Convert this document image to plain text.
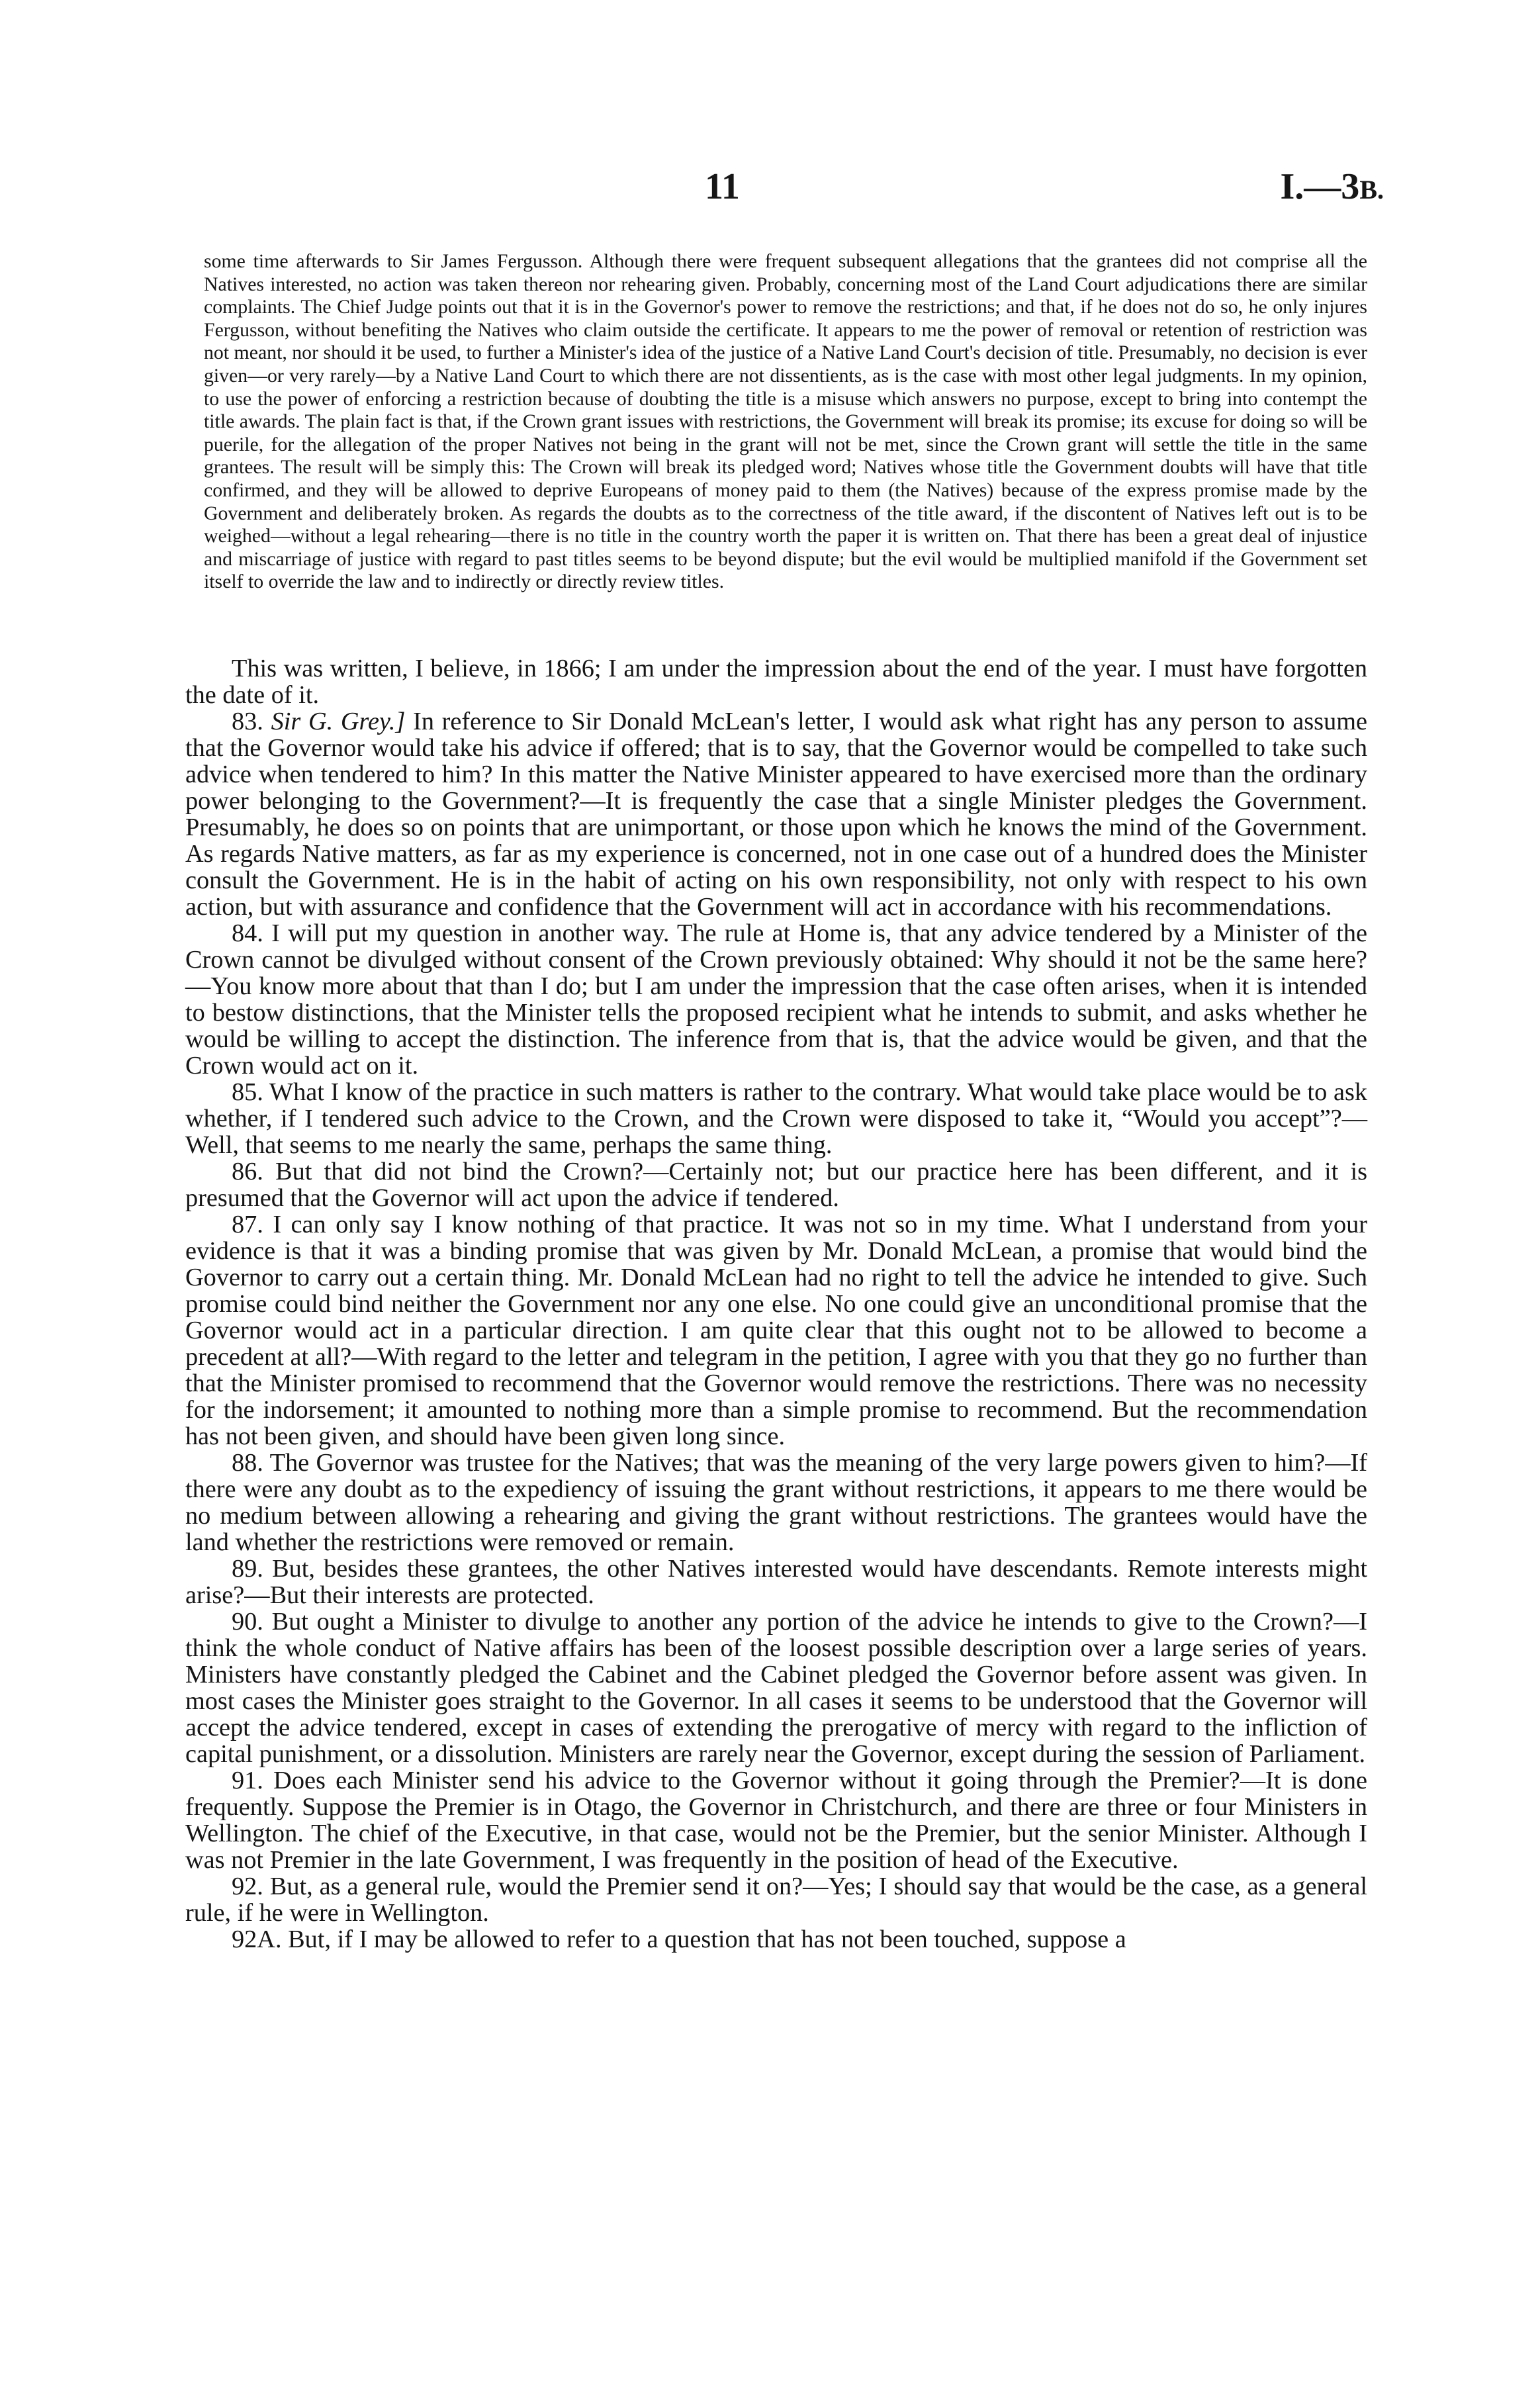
11	I.—3B.

some time afterwards to Sir James Fergusson. Although there were frequent subsequent allegations that the grantees did not comprise all the Natives interested, no action was taken thereon nor rehearing given. Probably, concerning most of the Land Court adjudications there are similar complaints. The Chief Judge points out that it is in the Governor's power to remove the restrictions; and that, if he does not do so, he only injures Fergusson, without benefiting the Natives who claim outside the certificate. It appears to me the power of removal or retention of restriction was not meant, nor should it be used, to further a Minister's idea of the justice of a Native Land Court's decision of title. Presumably, no decision is ever given—or very rarely—by a Native Land Court to which there are not dissentients, as is the case with most other legal judgments. In my opinion, to use the power of enforcing a restriction because of doubting the title is a misuse which answers no purpose, except to bring into contempt the title awards. The plain fact is that, if the Crown grant issues with restrictions, the Government will break its promise; its excuse for doing so will be puerile, for the allegation of the proper Natives not being in the grant will not be met, since the Crown grant will settle the title in the same grantees. The result will be simply this: The Crown will break its pledged word; Natives whose title the Government doubts will have that title confirmed, and they will be allowed to deprive Europeans of money paid to them (the Natives) because of the express promise made by the Government and deliberately broken. As regards the doubts as to the correctness of the title award, if the discontent of Natives left out is to be weighed—without a legal rehearing—there is no title in the country worth the paper it is written on. That there has been a great deal of injustice and miscarriage of justice with regard to past titles seems to be beyond dispute; but the evil would be multiplied manifold if the Government set itself to override the law and to indirectly or directly review titles.

This was written, I believe, in 1866; I am under the impression about the end of the year. I must have forgotten the date of it.

83. Sir G. Grey.] In reference to Sir Donald McLean's letter, I would ask what right has any person to assume that the Governor would take his advice if offered; that is to say, that the Governor would be compelled to take such advice when tendered to him? In this matter the Native Minister appeared to have exercised more than the ordinary power belonging to the Government?—It is frequently the case that a single Minister pledges the Government. Presumably, he does so on points that are unimportant, or those upon which he knows the mind of the Government. As regards Native matters, as far as my experience is concerned, not in one case out of a hundred does the Minister consult the Government. He is in the habit of acting on his own responsibility, not only with respect to his own action, but with assurance and confidence that the Government will act in accordance with his recommendations.

84. I will put my question in another way. The rule at Home is, that any advice tendered by a Minister of the Crown cannot be divulged without consent of the Crown previously obtained: Why should it not be the same here?—You know more about that than I do; but I am under the impression that the case often arises, when it is intended to bestow distinctions, that the Minister tells the proposed recipient what he intends to submit, and asks whether he would be willing to accept the distinction. The inference from that is, that the advice would be given, and that the Crown would act on it.

85. What I know of the practice in such matters is rather to the contrary. What would take place would be to ask whether, if I tendered such advice to the Crown, and the Crown were disposed to take it, “Would you accept”?—Well, that seems to me nearly the same, perhaps the same thing.

86. But that did not bind the Crown?—Certainly not; but our practice here has been different, and it is presumed that the Governor will act upon the advice if tendered.

87. I can only say I know nothing of that practice. It was not so in my time. What I understand from your evidence is that it was a binding promise that was given by Mr. Donald McLean, a promise that would bind the Governor to carry out a certain thing. Mr. Donald McLean had no right to tell the advice he intended to give. Such promise could bind neither the Government nor any one else. No one could give an unconditional promise that the Governor would act in a particular direction. I am quite clear that this ought not to be allowed to become a precedent at all?—With regard to the letter and telegram in the petition, I agree with you that they go no further than that the Minister promised to recommend that the Governor would remove the restrictions. There was no necessity for the indorsement; it amounted to nothing more than a simple promise to recommend. But the recommendation has not been given, and should have been given long since.

88. The Governor was trustee for the Natives; that was the meaning of the very large powers given to him?—If there were any doubt as to the expediency of issuing the grant without restrictions, it appears to me there would be no medium between allowing a rehearing and giving the grant without restrictions. The grantees would have the land whether the restrictions were removed or remain.

89. But, besides these grantees, the other Natives interested would have descendants. Remote interests might arise?—But their interests are protected.

90. But ought a Minister to divulge to another any portion of the advice he intends to give to the Crown?—I think the whole conduct of Native affairs has been of the loosest possible description over a large series of years. Ministers have constantly pledged the Cabinet and the Cabinet pledged the Governor before assent was given. In most cases the Minister goes straight to the Governor. In all cases it seems to be understood that the Governor will accept the advice tendered, except in cases of extending the prerogative of mercy with regard to the infliction of capital punishment, or a dissolution. Ministers are rarely near the Governor, except during the session of Parliament.

91. Does each Minister send his advice to the Governor without it going through the Premier?—It is done frequently. Suppose the Premier is in Otago, the Governor in Christchurch, and there are three or four Ministers in Wellington. The chief of the Executive, in that case, would not be the Premier, but the senior Minister. Although I was not Premier in the late Government, I was frequently in the position of head of the Executive.

92. But, as a general rule, would the Premier send it on?—Yes; I should say that would be the case, as a general rule, if he were in Wellington.

92A. But, if I may be allowed to refer to a question that has not been touched, suppose a
